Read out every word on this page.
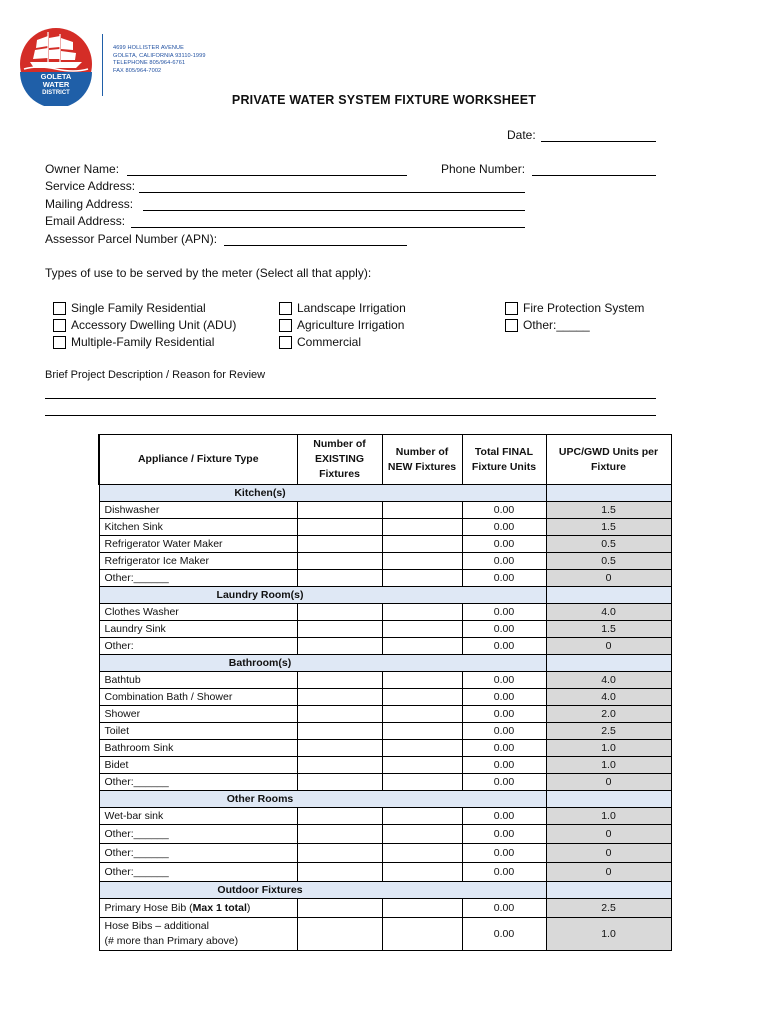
GOLETA
WATER
DISTRICT
4699 HOLLISTER AVENUE
GOLETA, CALIFORNIA 93110-1999
TELEPHONE 805/964-6761
FAX 805/964-7002
PRIVATE WATER SYSTEM FIXTURE WORKSHEET
Date:
Owner Name:	Phone Number:
Service Address:
Mailing Address:
Email Address:
Assessor Parcel Number (APN):
Types of use to be served by the meter (Select all that apply):
Single Family Residential
Accessory Dwelling Unit (ADU)
Multiple-Family Residential
Landscape Irrigation
Agriculture Irrigation
Commercial
Fire Protection System
Other:_____
Brief Project Description / Reason for Review
Appliance / Fixture Type	Number of EXISTING Fixtures	Number of NEW Fixtures	Total FINAL Fixture Units	UPC/GWD Units per Fixture
Kitchen(s)				
Dishwasher			0.00	1.5
Kitchen Sink			0.00	1.5
Refrigerator Water Maker			0.00	0.5
Refrigerator Ice Maker			0.00	0.5
Other:______			0.00	0
Laundry Room(s)				
Clothes Washer			0.00	4.0
Laundry Sink			0.00	1.5
Other:			0.00	0
Bathroom(s)				
Bathtub			0.00	4.0
Combination Bath / Shower			0.00	4.0
Shower			0.00	2.0
Toilet			0.00	2.5
Bathroom Sink			0.00	1.0
Bidet			0.00	1.0
Other:______			0.00	0
Other Rooms				
Wet-bar sink			0.00	1.0
Other:______			0.00	0
Other:______			0.00	0
Other:______			0.00	0
Outdoor Fixtures				
Primary Hose Bib (Max 1 total)			0.00	2.5

Hose Bibs – additional
(# more than Primary above)			0.00	1.0
